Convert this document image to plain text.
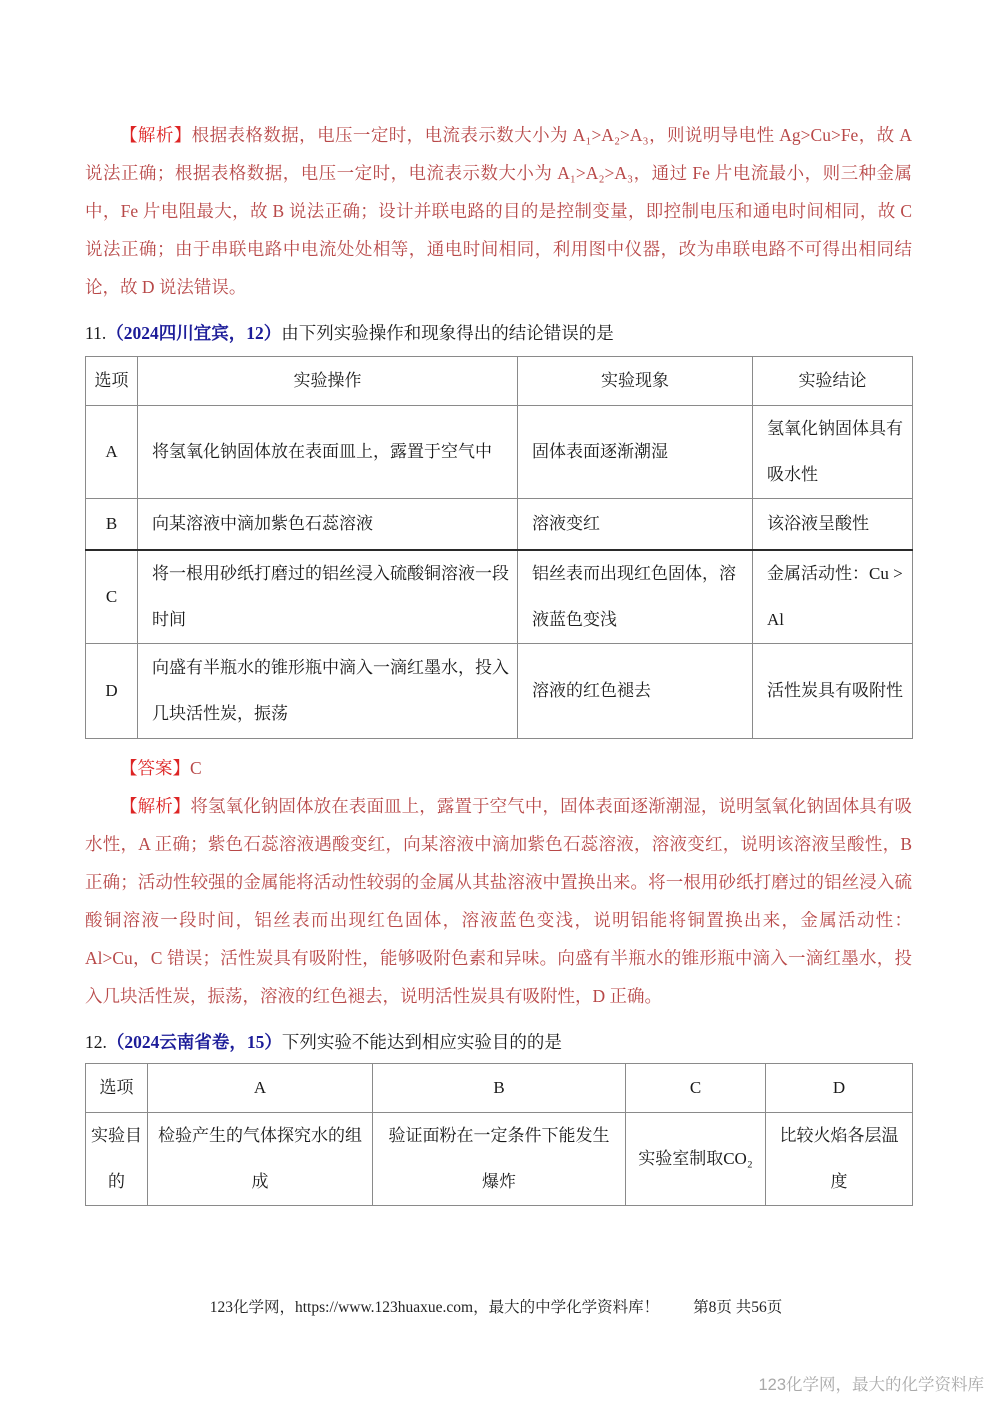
【解析】根据表格数据，电压一定时，电流表示数大小为 A₁>A₂>A₃，则说明导电性 Ag>Cu>Fe，故 A 说法正确；根据表格数据，电压一定时，电流表示数大小为 A₁>A₂>A₃，通过 Fe 片电流最小，则三种金属中，Fe 片电阻最大，故 B 说法正确；设计并联电路的目的是控制变量，即控制电压和通电时间相同，故 C 说法正确；由于串联电路中电流处处相等，通电时间相同，利用图中仪器，改为串联电路不可得出相同结论，故 D 说法错误。

11.（2024四川宜宾，12）由下列实验操作和现象得出的结论错误的是

选项	实验操作	实验现象	实验结论
A	将氢氧化钠固体放在表面皿上，露置于空气中	固体表面逐渐潮湿	氢氧化钠固体具有吸水性
B	向某溶液中滴加紫色石蕊溶液	溶液变红	该浴液呈酸性
C	将一根用砂纸打磨过的铝丝浸入硫酸铜溶液一段时间	铝丝表而出现红色固体，溶液蓝色变浅	金属活动性：Cu > Al
D	向盛有半瓶水的锥形瓶中滴入一滴红墨水，投入几块活性炭，振荡	溶液的红色褪去	活性炭具有吸附性

【答案】C

【解析】将氢氧化钠固体放在表面皿上，露置于空气中，固体表面逐渐潮湿，说明氢氧化钠固体具有吸水性，A 正确；紫色石蕊溶液遇酸变红，向某溶液中滴加紫色石蕊溶液，溶液变红，说明该溶液呈酸性，B 正确；活动性较强的金属能将活动性较弱的金属从其盐溶液中置换出来。将一根用砂纸打磨过的铝丝浸入硫酸铜溶液一段时间，铝丝表而出现红色固体，溶液蓝色变浅，说明铝能将铜置换出来，金属活动性：Al>Cu，C 错误；活性炭具有吸附性，能够吸附色素和异味。向盛有半瓶水的锥形瓶中滴入一滴红墨水，投入几块活性炭，振荡，溶液的红色褪去，说明活性炭具有吸附性，D 正确。

12.（2024云南省卷，15）下列实验不能达到相应实验目的的是

选项	A	B	C	D
实验目的	检验产生的气体探究水的组成	验证面粉在一定条件下能发生爆炸	实验室制取CO₂	比较火焰各层温度
123化学网，https://www.123huaxue.com，最大的中学化学资料库！ 第8页 共56页
123化学网，最大的化学资料库
